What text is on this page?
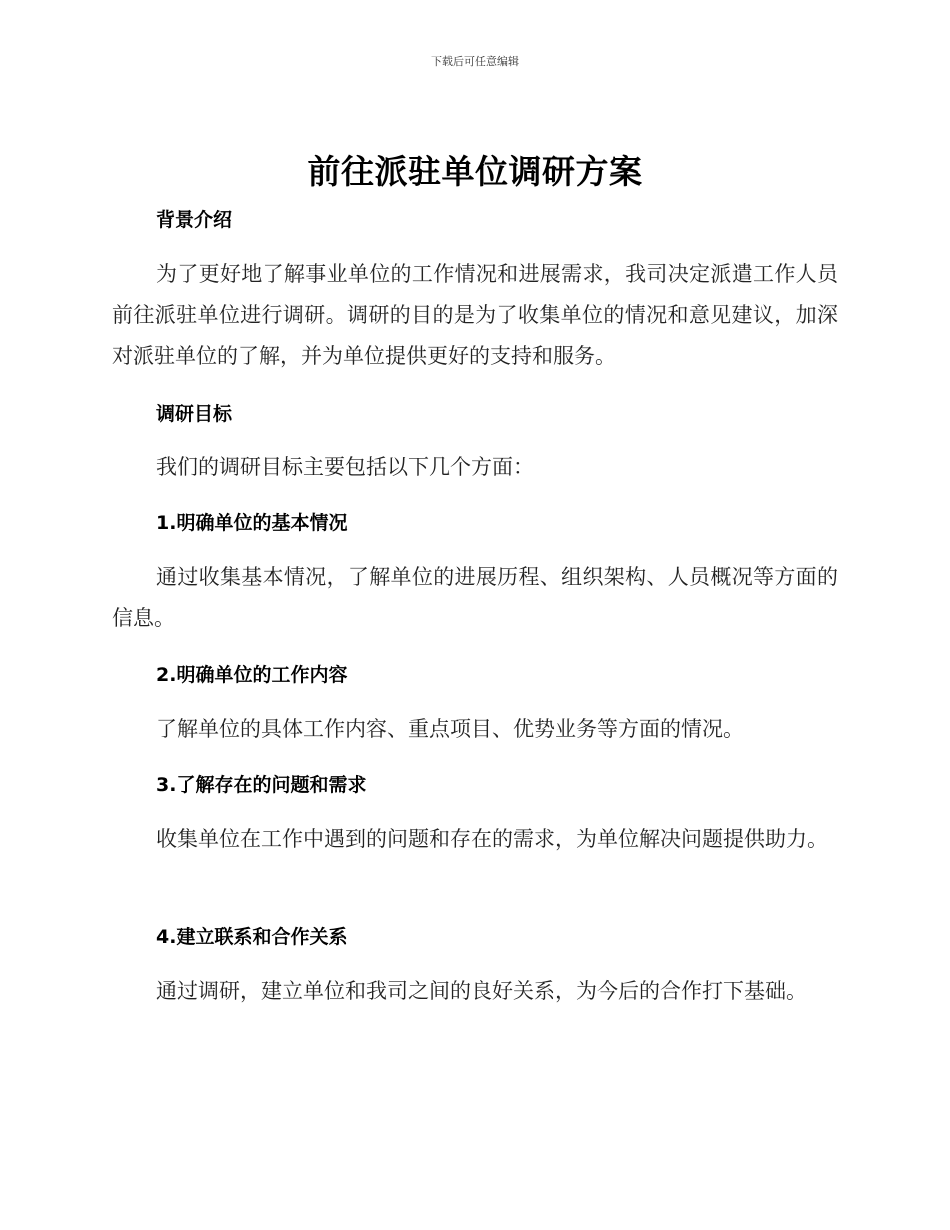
下载后可任意编辑
前往派驻单位调研方案
背景介绍
为了更好地了解事业单位的工作情况和进展需求，我司决定派遣工作人员前往派驻单位进行调研。调研的目的是为了收集单位的情况和意见建议，加深对派驻单位的了解，并为单位提供更好的支持和服务。
调研目标
我们的调研目标主要包括以下几个方面：
1.明确单位的基本情况
通过收集基本情况，了解单位的进展历程、组织架构、人员概况等方面的信息。
2.明确单位的工作内容
了解单位的具体工作内容、重点项目、优势业务等方面的情况。
3.了解存在的问题和需求
收集单位在工作中遇到的问题和存在的需求，为单位解决问题提供助力。
4.建立联系和合作关系
通过调研，建立单位和我司之间的良好关系，为今后的合作打下基础。
